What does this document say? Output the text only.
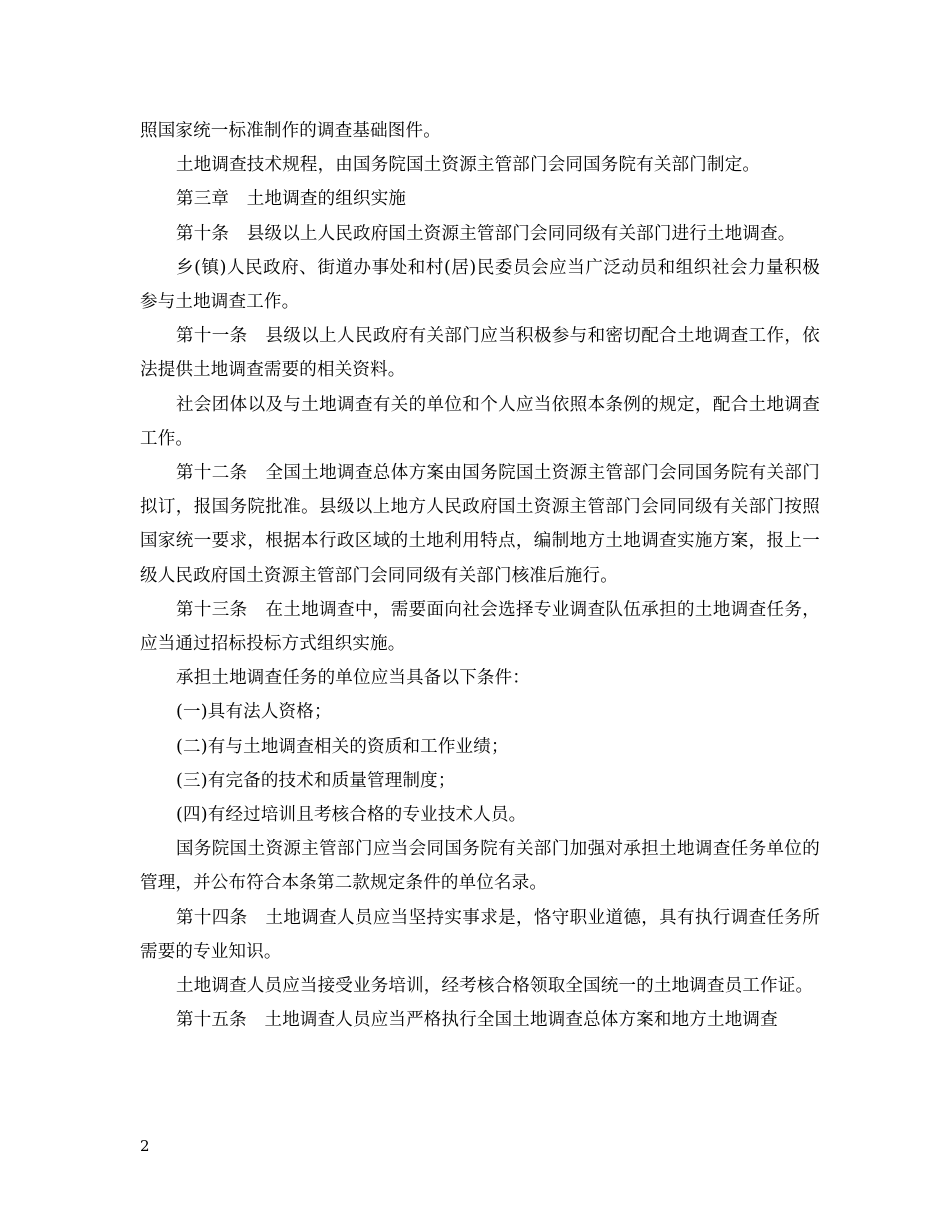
照国家统一标准制作的调查基础图件。

土地调查技术规程，由国务院国土资源主管部门会同国务院有关部门制定。

第三章　土地调查的组织实施

第十条　县级以上人民政府国土资源主管部门会同同级有关部门进行土地调查。

乡(镇)人民政府、街道办事处和村(居)民委员会应当广泛动员和组织社会力量积极参与土地调查工作。

第十一条　县级以上人民政府有关部门应当积极参与和密切配合土地调查工作，依法提供土地调查需要的相关资料。

社会团体以及与土地调查有关的单位和个人应当依照本条例的规定，配合土地调查工作。

第十二条　全国土地调查总体方案由国务院国土资源主管部门会同国务院有关部门拟订，报国务院批准。县级以上地方人民政府国土资源主管部门会同同级有关部门按照国家统一要求，根据本行政区域的土地利用特点，编制地方土地调查实施方案，报上一级人民政府国土资源主管部门会同同级有关部门核准后施行。

第十三条　在土地调查中，需要面向社会选择专业调查队伍承担的土地调查任务，应当通过招标投标方式组织实施。

承担土地调查任务的单位应当具备以下条件：

(一)具有法人资格；

(二)有与土地调查相关的资质和工作业绩；

(三)有完备的技术和质量管理制度；

(四)有经过培训且考核合格的专业技术人员。

国务院国土资源主管部门应当会同国务院有关部门加强对承担土地调查任务单位的管理，并公布符合本条第二款规定条件的单位名录。

第十四条　土地调查人员应当坚持实事求是，恪守职业道德，具有执行调查任务所需要的专业知识。

土地调查人员应当接受业务培训，经考核合格领取全国统一的土地调查员工作证。

第十五条　土地调查人员应当严格执行全国土地调查总体方案和地方土地调查

2
